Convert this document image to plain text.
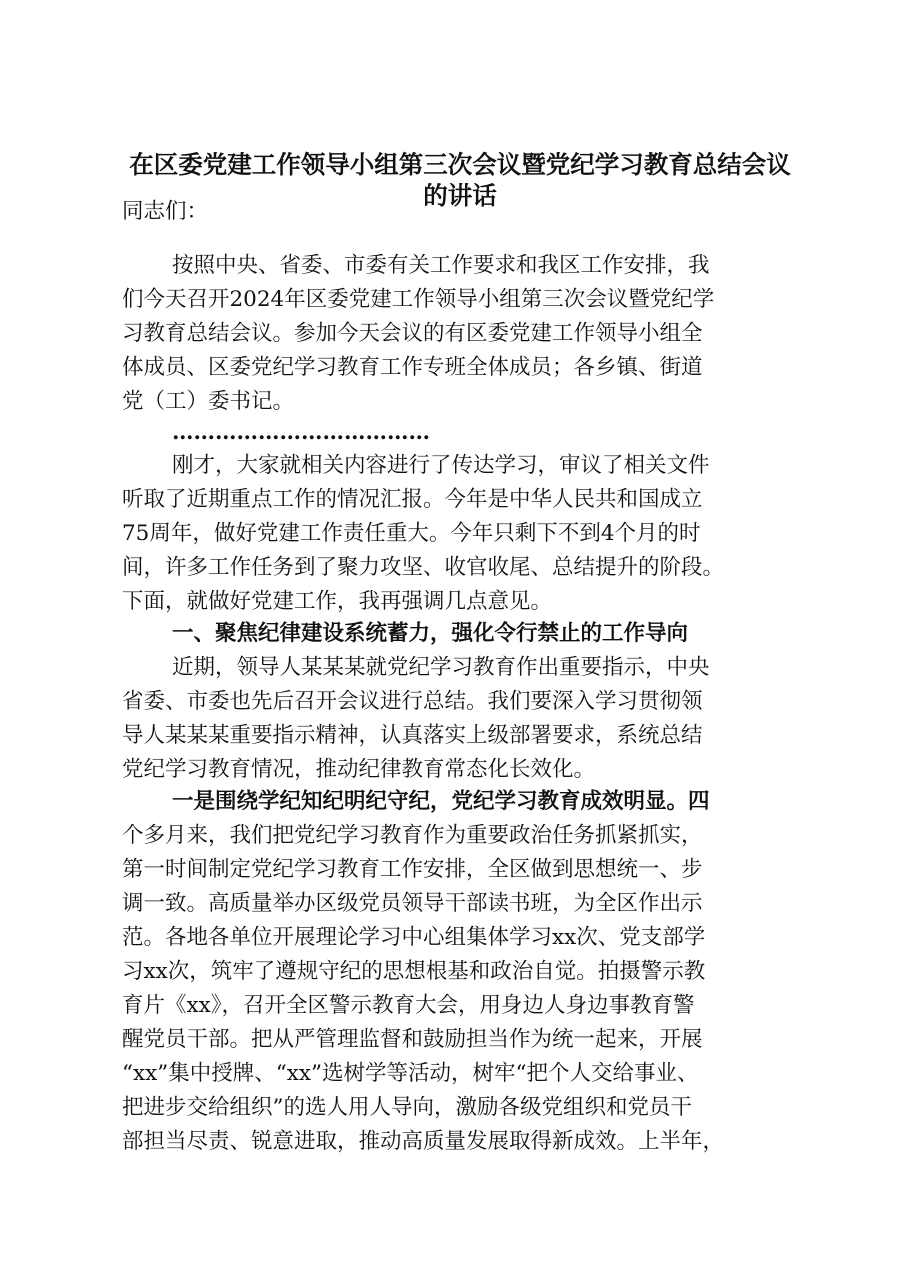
在区委党建工作领导小组第三次会议暨党纪学习教育总结会议
的讲话

同志们：

按照中央、省委、市委有关工作要求和我区工作安排，我

们今天召开2024年区委党建工作领导小组第三次会议暨党纪学

习教育总结会议。参加今天会议的有区委党建工作领导小组全

体成员、区委党纪学习教育工作专班全体成员；各乡镇、街道

党（工）委书记。

………………………………

刚才，大家就相关内容进行了传达学习，审议了相关文件

听取了近期重点工作的情况汇报。今年是中华人民共和国成立

75周年，做好党建工作责任重大。今年只剩下不到4个月的时

间，许多工作任务到了聚力攻坚、收官收尾、总结提升的阶段。

下面，就做好党建工作，我再强调几点意见。

一、聚焦纪律建设系统蓄力，强化令行禁止的工作导向

近期，领导人某某某就党纪学习教育作出重要指示，中央

省委、市委也先后召开会议进行总结。我们要深入学习贯彻领

导人某某某重要指示精神，认真落实上级部署要求，系统总结

党纪学习教育情况，推动纪律教育常态化长效化。

一是围绕学纪知纪明纪守纪，党纪学习教育成效明显。四

个多月来，我们把党纪学习教育作为重要政治任务抓紧抓实，

第一时间制定党纪学习教育工作安排，全区做到思想统一、步

调一致。高质量举办区级党员领导干部读书班，为全区作出示

范。各地各单位开展理论学习中心组集体学习xx次、党支部学

习xx次，筑牢了遵规守纪的思想根基和政治自觉。拍摄警示教

育片《xx》，召开全区警示教育大会，用身边人身边事教育警

醒党员干部。把从严管理监督和鼓励担当作为统一起来，开展

“xx”集中授牌、“xx”选树学等活动，树牢“把个人交给事业、

把进步交给组织”的选人用人导向，激励各级党组织和党员干

部担当尽责、锐意进取，推动高质量发展取得新成效。上半年，
